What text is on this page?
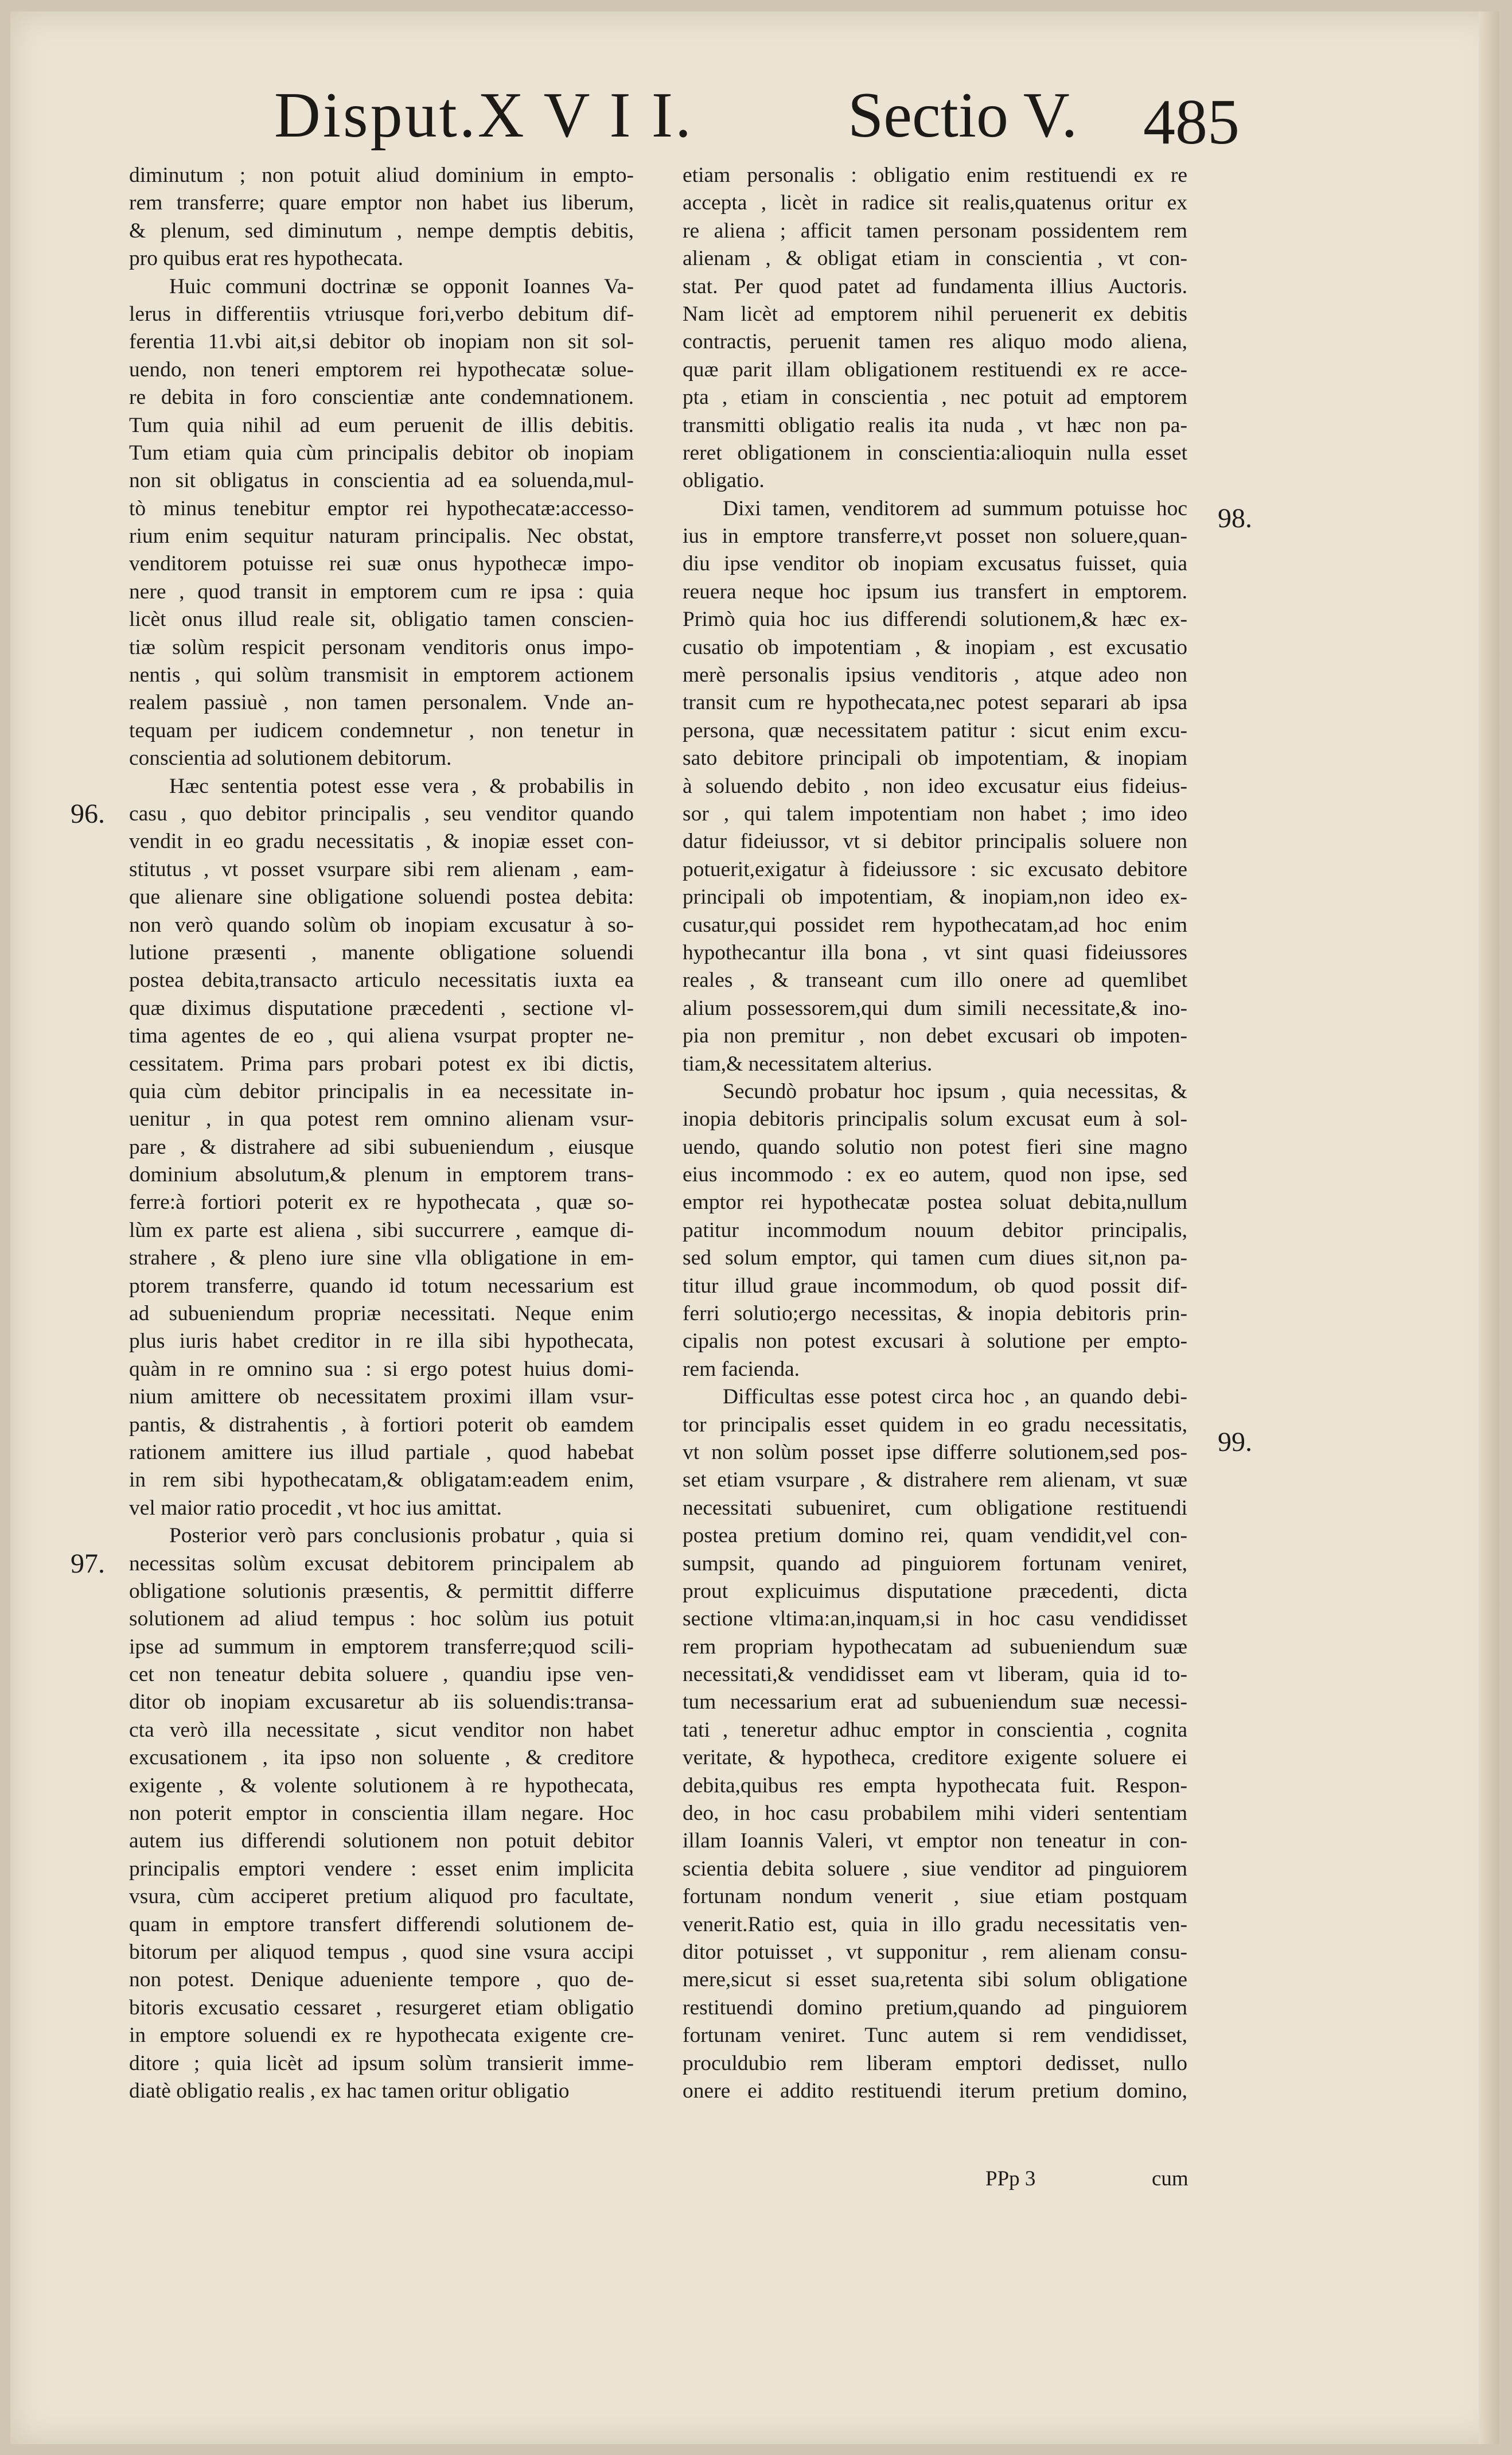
Disput.X V I I. Sectio V. 485
diminutum ; non potuit aliud dominium in empto-
rem transferre; quare emptor non habet ius liberum,
& plenum, sed diminutum , nempe demptis debitis,
pro quibus erat res hypothecata.
Huic communi doctrinæ se opponit Ioannes Va-
lerus in differentiis vtriusque fori,verbo debitum dif-
ferentia 11.vbi ait,si debitor ob inopiam non sit sol-
uendo, non teneri emptorem rei hypothecatæ solue-
re debita in foro conscientiæ ante condemnationem.
Tum quia nihil ad eum peruenit de illis debitis.
Tum etiam quia cùm principalis debitor ob inopiam
non sit obligatus in conscientia ad ea soluenda,mul-
tò minus tenebitur emptor rei hypothecatæ:accesso-
rium enim sequitur naturam principalis. Nec obstat,
venditorem potuisse rei suæ onus hypothecæ impo-
nere , quod transit in emptorem cum re ipsa : quia
licèt onus illud reale sit, obligatio tamen conscien-
tiæ solùm respicit personam venditoris onus impo-
nentis , qui solùm transmisit in emptorem actionem
realem passiuè , non tamen personalem. Vnde an-
tequam per iudicem condemnetur , non tenetur in
conscientia ad solutionem debitorum.
Hæc sententia potest esse vera , & probabilis in
casu , quo debitor principalis , seu venditor quando
vendit in eo gradu necessitatis , & inopiæ esset con-
stitutus , vt posset vsurpare sibi rem alienam , eam-
que alienare sine obligatione soluendi postea debita:
non verò quando solùm ob inopiam excusatur à so-
lutione præsenti , manente obligatione soluendi
postea debita,transacto articulo necessitatis iuxta ea
quæ diximus disputatione præcedenti , sectione vl-
tima agentes de eo , qui aliena vsurpat propter ne-
cessitatem. Prima pars probari potest ex ibi dictis,
quia cùm debitor principalis in ea necessitate in-
uenitur , in qua potest rem omnino alienam vsur-
pare , & distrahere ad sibi subueniendum , eiusque
dominium absolutum,& plenum in emptorem trans-
ferre:à fortiori poterit ex re hypothecata , quæ so-
lùm ex parte est aliena , sibi succurrere , eamque di-
strahere , & pleno iure sine vlla obligatione in em-
ptorem transferre, quando id totum necessarium est
ad subueniendum propriæ necessitati. Neque enim
plus iuris habet creditor in re illa sibi hypothecata,
quàm in re omnino sua : si ergo potest huius domi-
nium amittere ob necessitatem proximi illam vsur-
pantis, & distrahentis , à fortiori poterit ob eamdem
rationem amittere ius illud partiale , quod habebat
in rem sibi hypothecatam,& obligatam:eadem enim,
vel maior ratio procedit , vt hoc ius amittat.
Posterior verò pars conclusionis probatur , quia si
necessitas solùm excusat debitorem principalem ab
obligatione solutionis præsentis, & permittit differre
solutionem ad aliud tempus : hoc solùm ius potuit
ipse ad summum in emptorem transferre;quod scili-
cet non teneatur debita soluere , quandiu ipse ven-
ditor ob inopiam excusaretur ab iis soluendis:transa-
cta verò illa necessitate , sicut venditor non habet
excusationem , ita ipso non soluente , & creditore
exigente , & volente solutionem à re hypothecata,
non poterit emptor in conscientia illam negare. Hoc
autem ius differendi solutionem non potuit debitor
principalis emptori vendere : esset enim implicita
vsura, cùm acciperet pretium aliquod pro facultate,
quam in emptore transfert differendi solutionem de-
bitorum per aliquod tempus , quod sine vsura accipi
non potest. Denique adueniente tempore , quo de-
bitoris excusatio cessaret , resurgeret etiam obligatio
in emptore soluendi ex re hypothecata exigente cre-
ditore ; quia licèt ad ipsum solùm transierit imme-
diatè obligatio realis , ex hac tamen oritur obligatio
etiam personalis : obligatio enim restituendi ex re
accepta , licèt in radice sit realis,quatenus oritur ex
re aliena ; afficit tamen personam possidentem rem
alienam , & obligat etiam in conscientia , vt con-
stat. Per quod patet ad fundamenta illius Auctoris.
Nam licèt ad emptorem nihil peruenerit ex debitis
contractis, peruenit tamen res aliquo modo aliena,
quæ parit illam obligationem restituendi ex re acce-
pta , etiam in conscientia , nec potuit ad emptorem
transmitti obligatio realis ita nuda , vt hæc non pa-
reret obligationem in conscientia:alioquin nulla esset
obligatio.
Dixi tamen, venditorem ad summum potuisse hoc
ius in emptore transferre,vt posset non soluere,quan-
diu ipse venditor ob inopiam excusatus fuisset, quia
reuera neque hoc ipsum ius transfert in emptorem.
Primò quia hoc ius differendi solutionem,& hæc ex-
cusatio ob impotentiam , & inopiam , est excusatio
merè personalis ipsius venditoris , atque adeo non
transit cum re hypothecata,nec potest separari ab ipsa
persona, quæ necessitatem patitur : sicut enim excu-
sato debitore principali ob impotentiam, & inopiam
à soluendo debito , non ideo excusatur eius fideius-
sor , qui talem impotentiam non habet ; imo ideo
datur fideiussor, vt si debitor principalis soluere non
potuerit,exigatur à fideiussore : sic excusato debitore
principali ob impotentiam, & inopiam,non ideo ex-
cusatur,qui possidet rem hypothecatam,ad hoc enim
hypothecantur illa bona , vt sint quasi fideiussores
reales , & transeant cum illo onere ad quemlibet
alium possessorem,qui dum simili necessitate,& ino-
pia non premitur , non debet excusari ob impoten-
tiam,& necessitatem alterius.
Secundò probatur hoc ipsum , quia necessitas, &
inopia debitoris principalis solum excusat eum à sol-
uendo, quando solutio non potest fieri sine magno
eius incommodo : ex eo autem, quod non ipse, sed
emptor rei hypothecatæ postea soluat debita,nullum
patitur incommodum nouum debitor principalis,
sed solum emptor, qui tamen cum diues sit,non pa-
titur illud graue incommodum, ob quod possit dif-
ferri solutio;ergo necessitas, & inopia debitoris prin-
cipalis non potest excusari à solutione per empto-
rem facienda.
Difficultas esse potest circa hoc , an quando debi-
tor principalis esset quidem in eo gradu necessitatis,
vt non solùm posset ipse differre solutionem,sed pos-
set etiam vsurpare , & distrahere rem alienam, vt suæ
necessitati subueniret, cum obligatione restituendi
postea pretium domino rei, quam vendidit,vel con-
sumpsit, quando ad pinguiorem fortunam veniret,
prout explicuimus disputatione præcedenti, dicta
sectione vltima:an,inquam,si in hoc casu vendidisset
rem propriam hypothecatam ad subueniendum suæ
necessitati,& vendidisset eam vt liberam, quia id to-
tum necessarium erat ad subueniendum suæ necessi-
tati , teneretur adhuc emptor in conscientia , cognita
veritate, & hypotheca, creditore exigente soluere ei
debita,quibus res empta hypothecata fuit. Respon-
deo, in hoc casu probabilem mihi videri sententiam
illam Ioannis Valeri, vt emptor non teneatur in con-
scientia debita soluere , siue venditor ad pinguiorem
fortunam nondum venerit , siue etiam postquam
venerit.Ratio est, quia in illo gradu necessitatis ven-
ditor potuisset , vt supponitur , rem alienam consu-
mere,sicut si esset sua,retenta sibi solum obligatione
restituendi domino pretium,quando ad pinguiorem
fortunam veniret. Tunc autem si rem vendidisset,
proculdubio rem liberam emptori dedisset, nullo
onere ei addito restituendi iterum pretium domino,
96.
97.
98.
99.
PPp 3	cum
